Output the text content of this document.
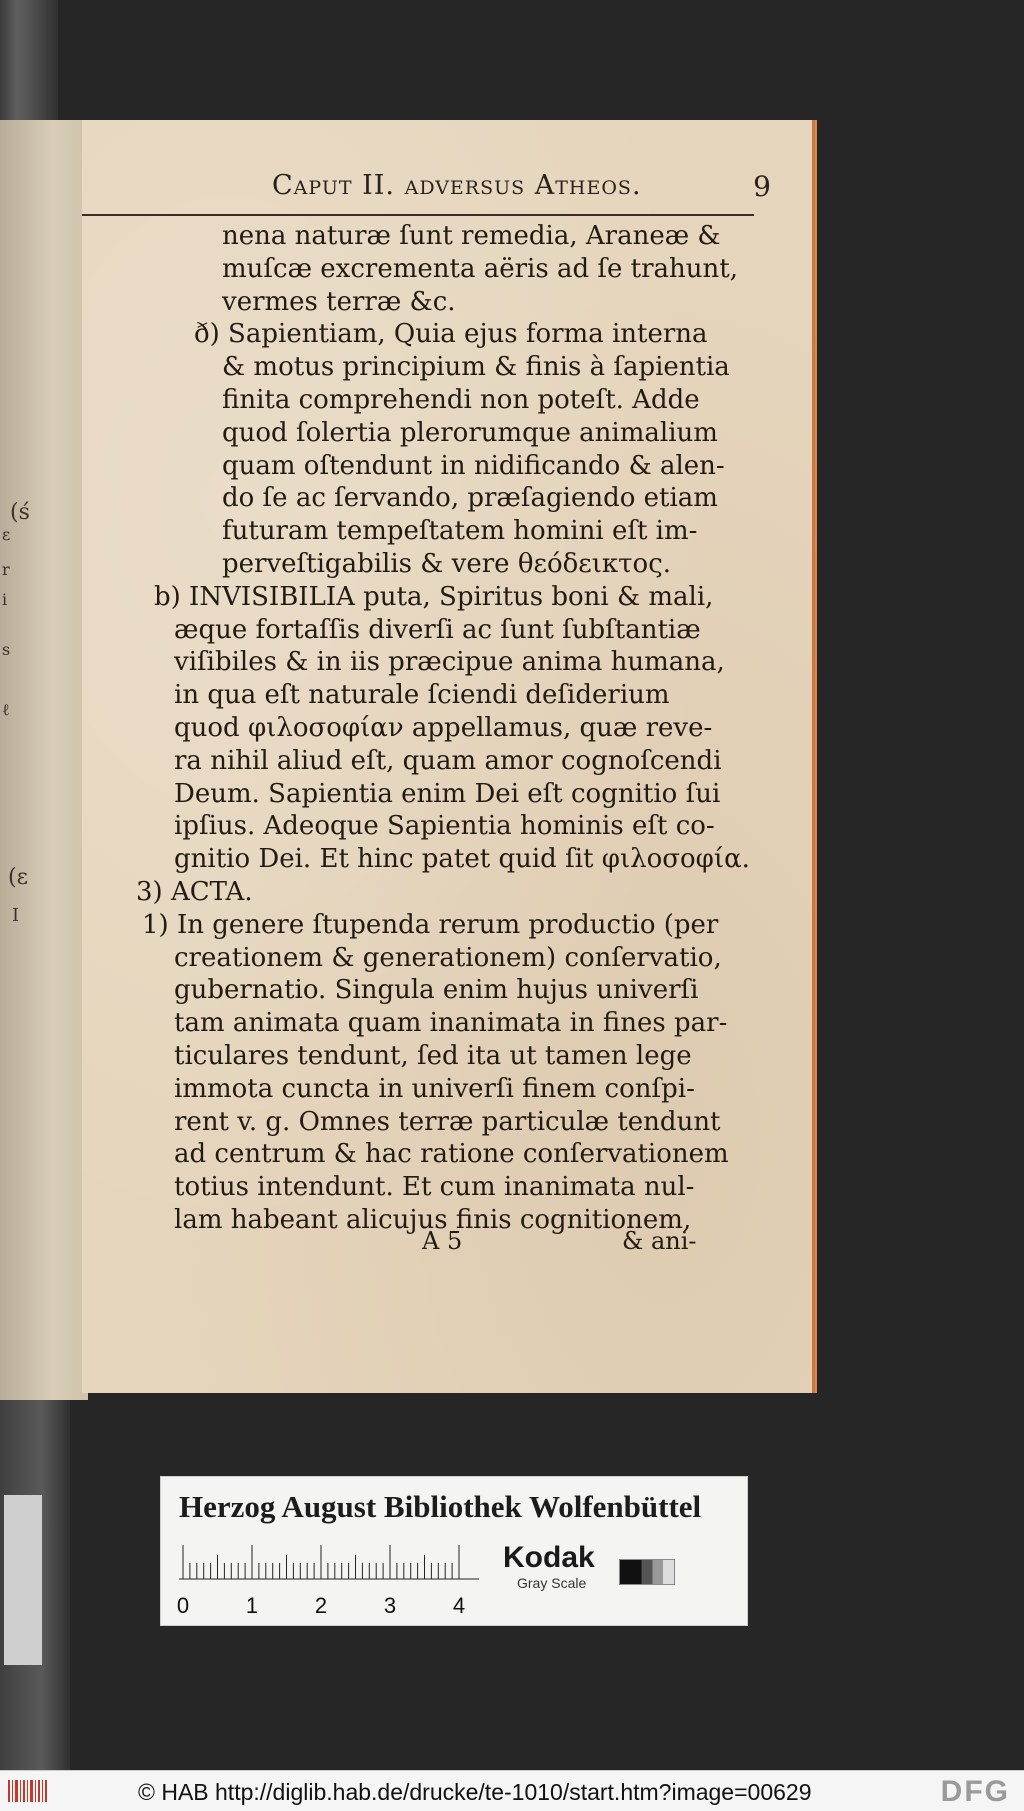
(ś
ε
r
i
s
ℓ
(ε
I
Caput II. adversus Atheos.	9
nena naturæ ſunt remedia, Araneæ &
muſcæ excrementa aëris ad ſe trahunt,
vermes terræ &c.
ð) Sapientiam, Quia ejus forma interna
& motus principium & finis à ſapientia
finita comprehendi non poteſt. Adde
quod ſolertia plerorumque animalium
quam oſtendunt in nidificando & alen-
do ſe ac ſervando, præſagiendo etiam
futuram tempeſtatem homini eſt im-
perveſtigabilis & vere θεόδεικτος.
b) INVISIBILIA puta, Spiritus boni & mali,
æque fortaſſis diverſi ac ſunt ſubſtantiæ
viſibiles & in iis præcipue anima humana,
in qua eſt naturale ſciendi deſiderium
quod φιλοσοφίαν appellamus, quæ reve-
ra nihil aliud eſt, quam amor cognoſcendi
Deum. Sapientia enim Dei eſt cognitio ſui
ipſius. Adeoque Sapientia hominis eſt co-
gnitio Dei. Et hinc patet quid ſit φιλοσοφία.
3) ACTA.
1) In genere ſtupenda rerum productio (per
creationem & generationem) conſervatio,
gubernatio. Singula enim hujus univerſi
tam animata quam inanimata in fines par-
ticulares tendunt, ſed ita ut tamen lege
immota cuncta in univerſi finem conſpi-
rent v. g. Omnes terræ particulæ tendunt
ad centrum & hac ratione conſervationem
totius intendunt. Et cum inanimata nul-
lam habeant alicujus finis cognitionem,
A 5	& ani-
Herzog August Bibliothek Wolfenbüttel
0	1	2	3	4
Kodak
Gray Scale
© HAB http://diglib.hab.de/drucke/te-1010/start.htm?image=00629	DFG
